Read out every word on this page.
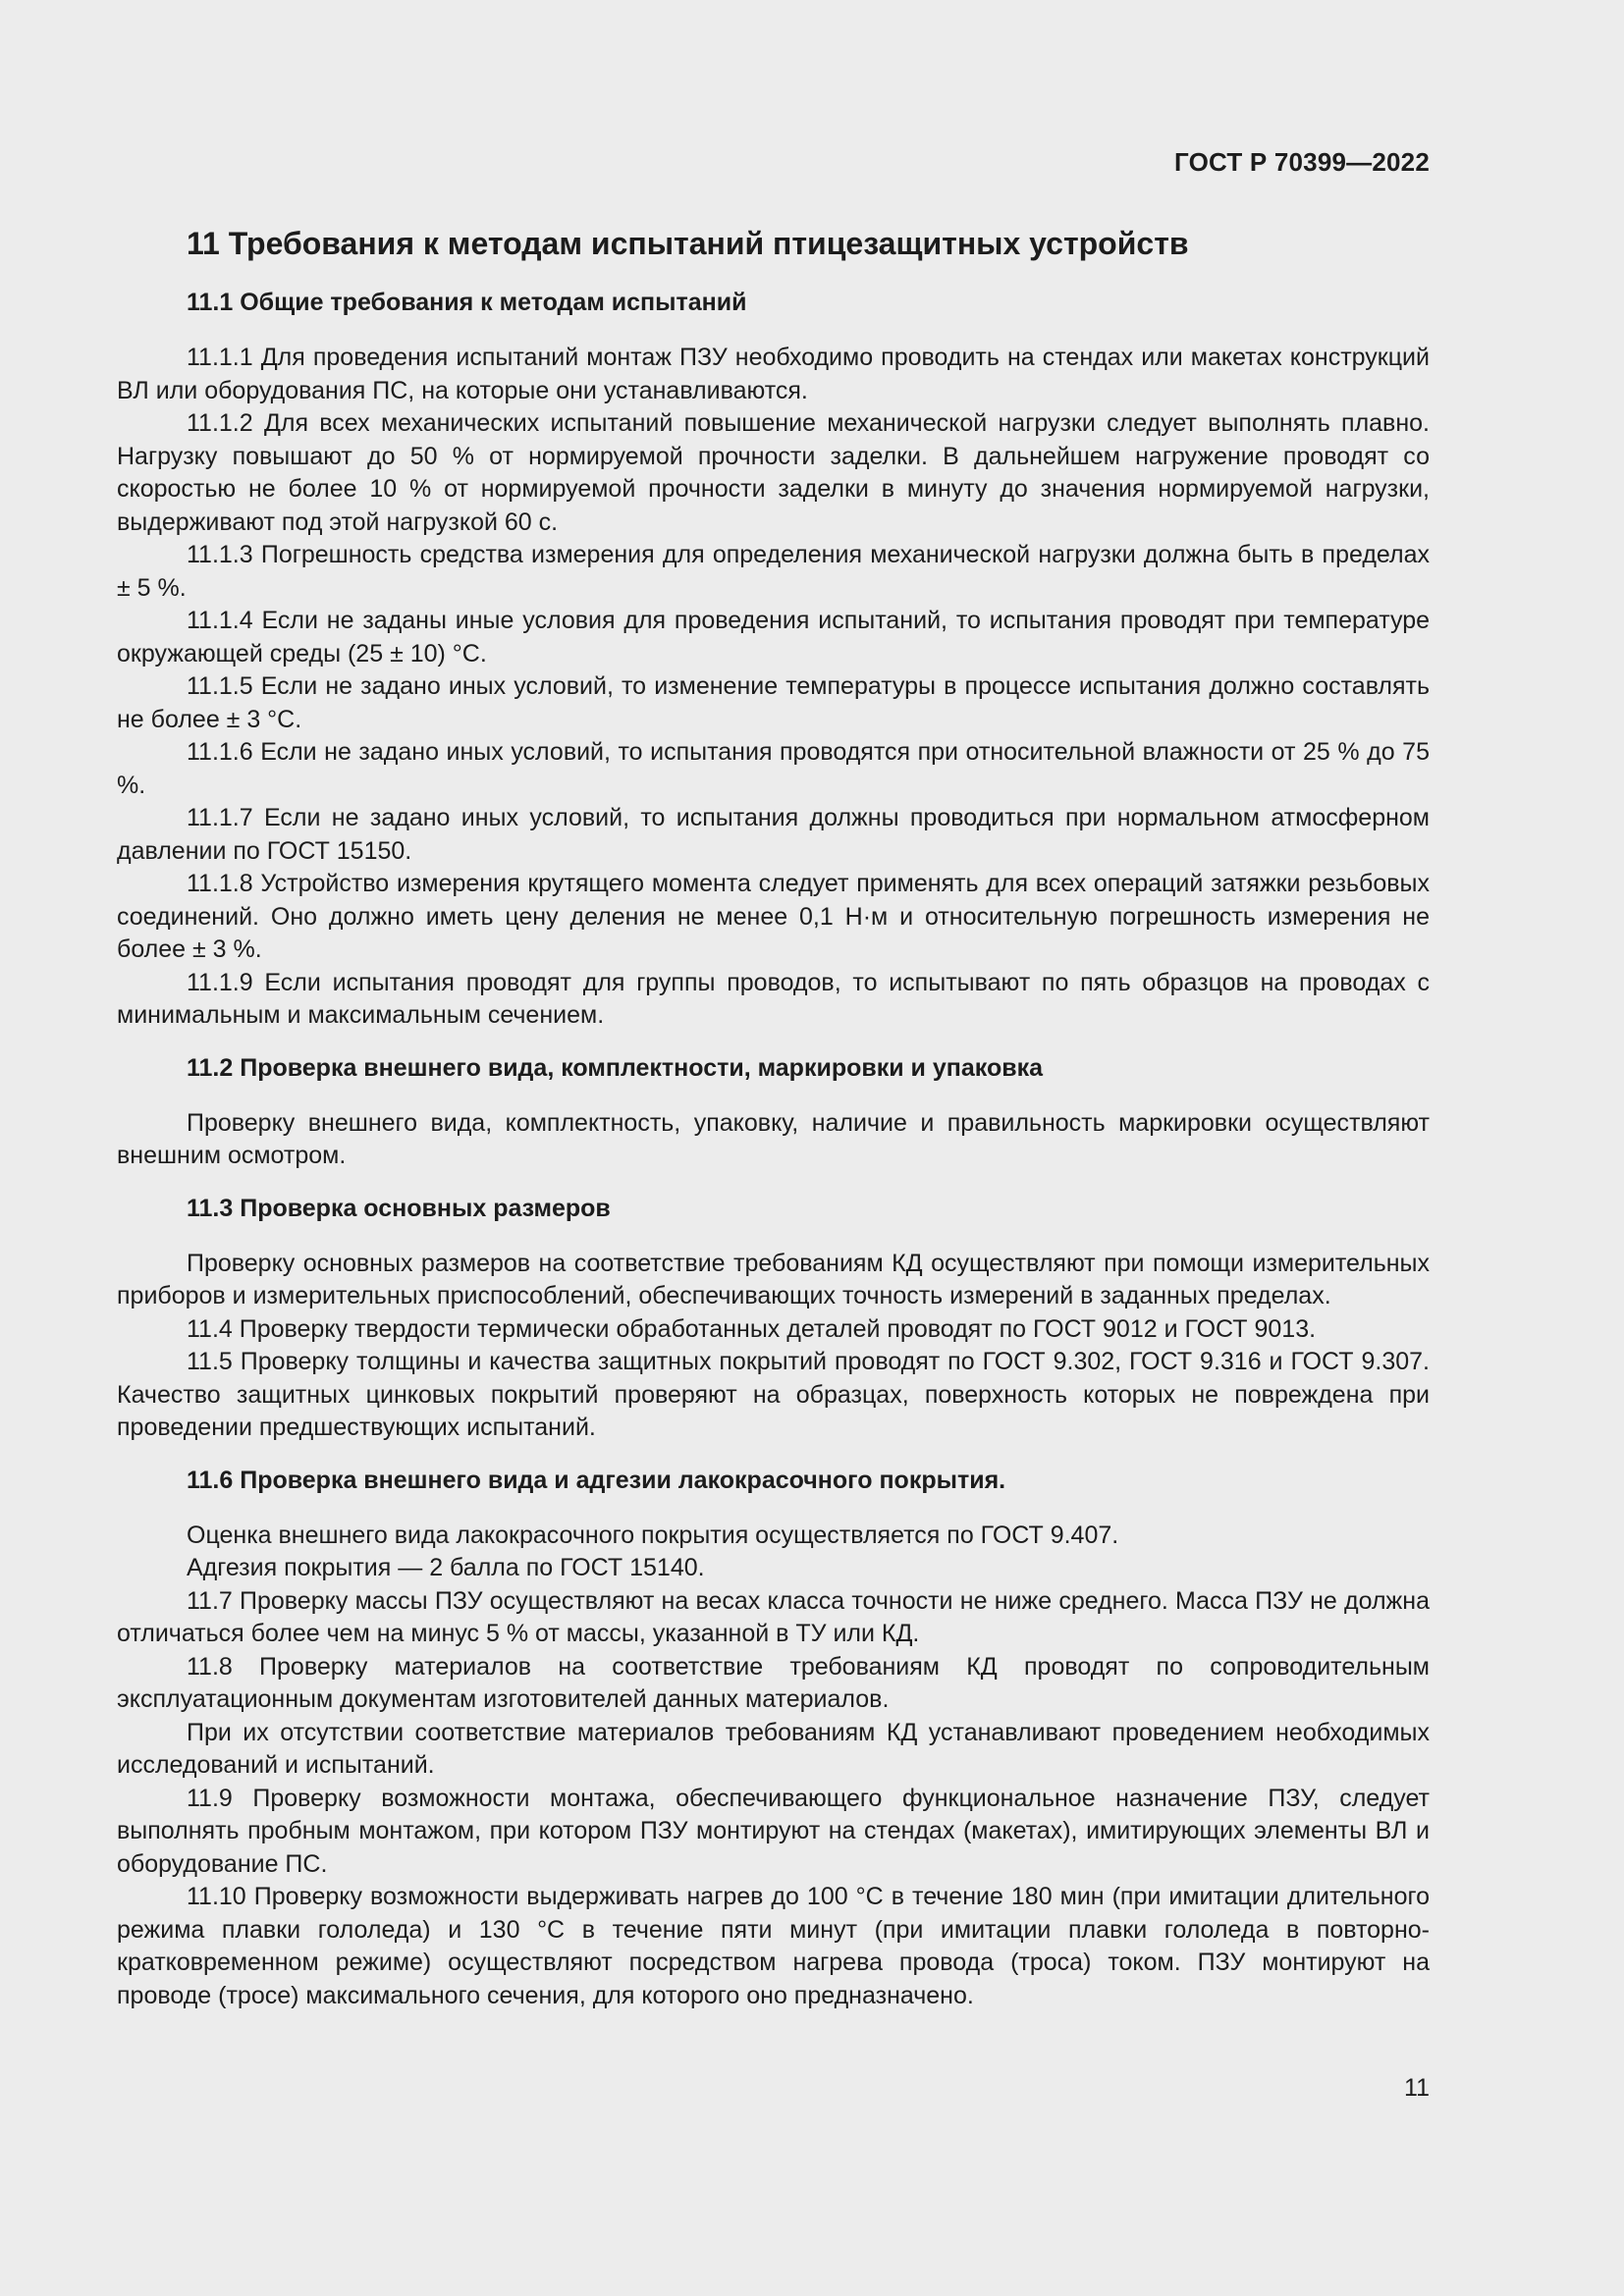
ГОСТ Р 70399—2022
11 Требования к методам испытаний птицезащитных устройств
11.1 Общие требования к методам испытаний

11.1.1 Для проведения испытаний монтаж ПЗУ необходимо проводить на стендах или макетах конструкций ВЛ или оборудования ПС, на которые они устанавливаются.

11.1.2 Для всех механических испытаний повышение механической нагрузки следует выполнять плавно. Нагрузку повышают до 50 % от нормируемой прочности заделки. В дальнейшем нагружение проводят со скоростью не более 10 % от нормируемой прочности заделки в минуту до значения нормируемой нагрузки, выдерживают под этой нагрузкой 60 с.

11.1.3 Погрешность средства измерения для определения механической нагрузки должна быть в пределах ± 5 %.

11.1.4 Если не заданы иные условия для проведения испытаний, то испытания проводят при температуре окружающей среды (25 ± 10) °С.

11.1.5 Если не задано иных условий, то изменение температуры в процессе испытания должно составлять не более ± 3 °С.

11.1.6 Если не задано иных условий, то испытания проводятся при относительной влажности от 25 % до 75 %.

11.1.7 Если не задано иных условий, то испытания должны проводиться при нормальном атмосферном давлении по ГОСТ 15150.

11.1.8 Устройство измерения крутящего момента следует применять для всех операций затяжки резьбовых соединений. Оно должно иметь цену деления не менее 0,1 Н·м и относительную погрешность измерения не более ± 3 %.

11.1.9 Если испытания проводят для группы проводов, то испытывают по пять образцов на проводах с минимальным и максимальным сечением.

11.2 Проверка внешнего вида, комплектности, маркировки и упаковка

Проверку внешнего вида, комплектность, упаковку, наличие и правильность маркировки осуществляют внешним осмотром.

11.3 Проверка основных размеров

Проверку основных размеров на соответствие требованиям КД осуществляют при помощи измерительных приборов и измерительных приспособлений, обеспечивающих точность измерений в заданных пределах.

11.4 Проверку твердости термически обработанных деталей проводят по ГОСТ 9012 и ГОСТ 9013.

11.5 Проверку толщины и качества защитных покрытий проводят по ГОСТ 9.302, ГОСТ 9.316 и ГОСТ 9.307. Качество защитных цинковых покрытий проверяют на образцах, поверхность которых не повреждена при проведении предшествующих испытаний.

11.6 Проверка внешнего вида и адгезии лакокрасочного покрытия.

Оценка внешнего вида лакокрасочного покрытия осуществляется по ГОСТ 9.407.

Адгезия покрытия — 2 балла по ГОСТ 15140.

11.7 Проверку массы ПЗУ осуществляют на весах класса точности не ниже среднего. Масса ПЗУ не должна отличаться более чем на минус 5 % от массы, указанной в ТУ или КД.

11.8 Проверку материалов на соответствие требованиям КД проводят по сопроводительным эксплуатационным документам изготовителей данных материалов.

При их отсутствии соответствие материалов требованиям КД устанавливают проведением необходимых исследований и испытаний.

11.9 Проверку возможности монтажа, обеспечивающего функциональное назначение ПЗУ, следует выполнять пробным монтажом, при котором ПЗУ монтируют на стендах (макетах), имитирующих элементы ВЛ и оборудование ПС.

11.10 Проверку возможности выдерживать нагрев до 100 °С в течение 180 мин (при имитации длительного режима плавки гололеда) и 130 °С в течение пяти минут (при имитации плавки гололеда в повторно-кратковременном режиме) осуществляют посредством нагрева провода (троса) током. ПЗУ монтируют на проводе (тросе) максимального сечения, для которого оно предназначено.

11
